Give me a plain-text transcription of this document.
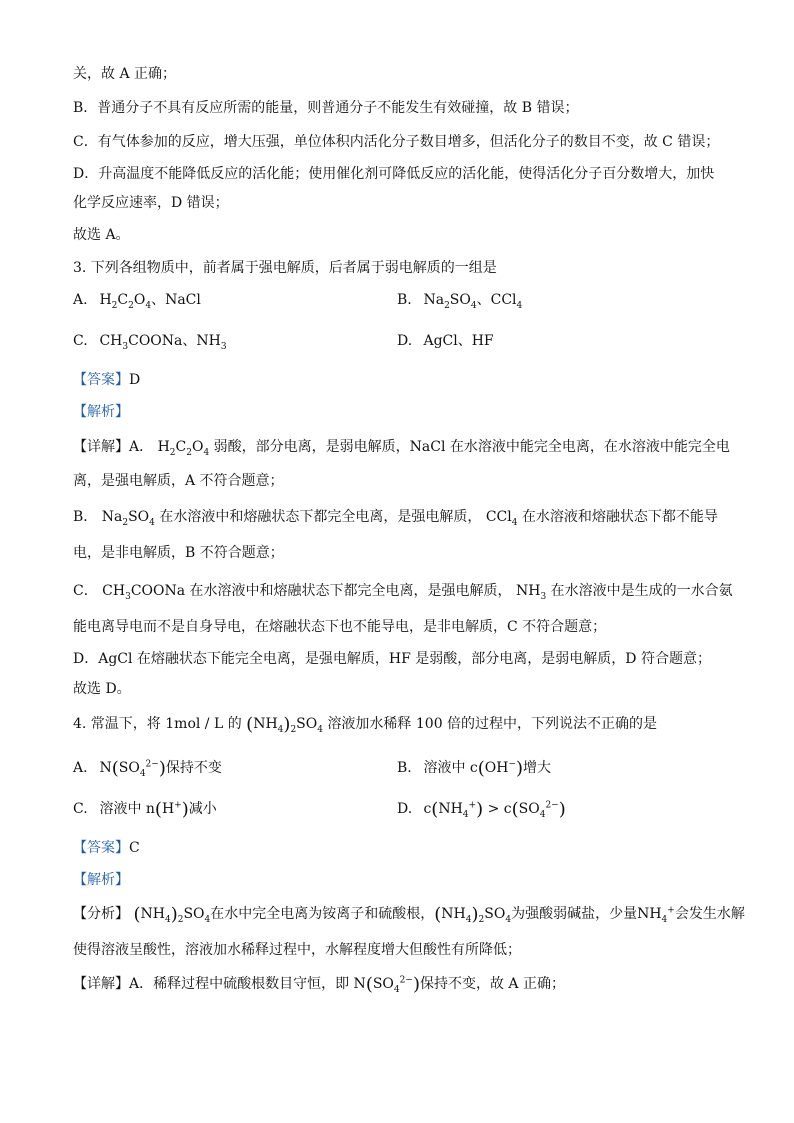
关，故 A 正确；
B．普通分子不具有反应所需的能量，则普通分子不能发生有效碰撞，故 B 错误；
C．有气体参加的反应，增大压强，单位体积内活化分子数目增多，但活化分子的数目不变，故 C 错误；
D．升高温度不能降低反应的活化能；使用催化剂可降低反应的活化能，使得活化分子百分数增大，加快
化学反应速率，D 错误；
故选 A。
3. 下列各组物质中，前者属于强电解质，后者属于弱电解质的一组是
A. $H_2C_2O_4$、NaCl	B. $Na_2SO_4$、CCl$_4$
C. $CH_3COONa$、$NH_3$	D. AgCl、HF
【答案】D
【解析】
【详解】A． $H_2C_2O_4$ 弱酸，部分电离，是弱电解质，NaCl 在水溶液中能完全电离，在水溶液中能完全电
离，是强电解质，A 不符合题意；
B． $Na_2SO_4$ 在水溶液中和熔融状态下都完全电离，是强电解质， CCl$_4$ 在水溶液和熔融状态下都不能导
电，是非电解质，B 不符合题意；
C． $CH_3COONa$ 在水溶液中和熔融状态下都完全电离，是强电解质， $NH_3$ 在水溶液中是生成的一水合氨
能电离导电而不是自身导电，在熔融状态下也不能导电，是非电解质，C 不符合题意；
D．AgCl 在熔融状态下能完全电离，是强电解质，HF 是弱酸，部分电离，是弱电解质，D 符合题意；
故选 D。
4. 常温下，将 1mol / L 的 $(NH_4)_2SO_4$ 溶液加水稀释 100 倍的过程中，下列说法不正确的是
A. $N(SO_4^{2-})$保持不变	B. 溶液中 c(OH−)增大
C. 溶液中 n(H+)减小	D. $c(NH_4^+) > c(SO_4^{2-})$
【答案】C
【解析】
【分析】 $(NH_4)_2SO_4$在水中完全电离为铵离子和硫酸根，$(NH_4)_2SO_4$为强酸弱碱盐，少量$NH_4^+$会发生水解
使得溶液呈酸性，溶液加水稀释过程中，水解程度增大但酸性有所降低；
【详解】A．稀释过程中硫酸根数目守恒，即 $N(SO_4^{2-})$保持不变，故 A 正确；
